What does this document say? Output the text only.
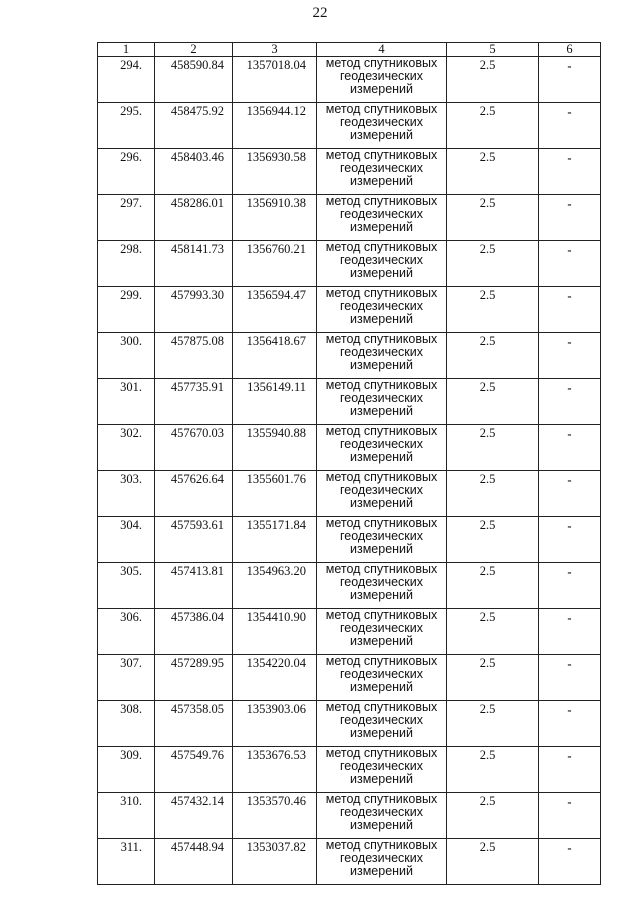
22
1	2	3	4	5	6
294.	458590.84	1357018.04	метод спутниковых геодезических измерений	2.5	-
295.	458475.92	1356944.12	метод спутниковых геодезических измерений	2.5	-
296.	458403.46	1356930.58	метод спутниковых геодезических измерений	2.5	-
297.	458286.01	1356910.38	метод спутниковых геодезических измерений	2.5	-
298.	458141.73	1356760.21	метод спутниковых геодезических измерений	2.5	-
299.	457993.30	1356594.47	метод спутниковых геодезических измерений	2.5	-
300.	457875.08	1356418.67	метод спутниковых геодезических измерений	2.5	-
301.	457735.91	1356149.11	метод спутниковых геодезических измерений	2.5	-
302.	457670.03	1355940.88	метод спутниковых геодезических измерений	2.5	-
303.	457626.64	1355601.76	метод спутниковых геодезических измерений	2.5	-
304.	457593.61	1355171.84	метод спутниковых геодезических измерений	2.5	-
305.	457413.81	1354963.20	метод спутниковых геодезических измерений	2.5	-
306.	457386.04	1354410.90	метод спутниковых геодезических измерений	2.5	-
307.	457289.95	1354220.04	метод спутниковых геодезических измерений	2.5	-
308.	457358.05	1353903.06	метод спутниковых геодезических измерений	2.5	-
309.	457549.76	1353676.53	метод спутниковых геодезических измерений	2.5	-
310.	457432.14	1353570.46	метод спутниковых геодезических измерений	2.5	-
311.	457448.94	1353037.82	метод спутниковых геодезических измерений	2.5	-
